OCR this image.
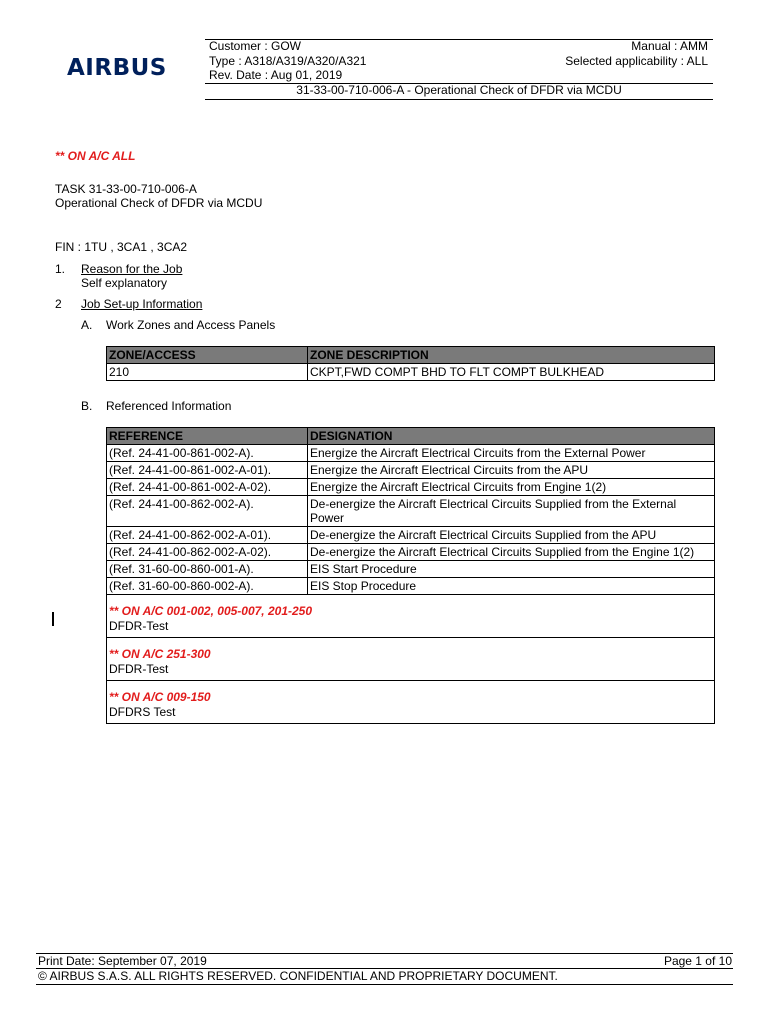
AIRBUS
Customer : GOW	Manual : AMM
Type : A318/A319/A320/A321	Selected applicability : ALL
Rev. Date : Aug 01, 2019
31-33-00-710-006-A - Operational Check of DFDR via MCDU
** ON A/C ALL
TASK 31-33-00-710-006-A
Operational Check of DFDR via MCDU
FIN : 1TU , 3CA1 , 3CA2
1. Reason for the Job
Self explanatory
2 Job Set-up Information
A. Work Zones and Access Panels
ZONE/ACCESS	ZONE DESCRIPTION
210	CKPT,FWD COMPT BHD TO FLT COMPT BULKHEAD
B. Referenced Information
REFERENCE	DESIGNATION
(Ref. 24-41-00-861-002-A).	Energize the Aircraft Electrical Circuits from the External Power
(Ref. 24-41-00-861-002-A-01).	Energize the Aircraft Electrical Circuits from the APU
(Ref. 24-41-00-861-002-A-02).	Energize the Aircraft Electrical Circuits from Engine 1(2)
(Ref. 24-41-00-862-002-A).	De-energize the Aircraft Electrical Circuits Supplied from the External Power
(Ref. 24-41-00-862-002-A-01).	De-energize the Aircraft Electrical Circuits Supplied from the APU
(Ref. 24-41-00-862-002-A-02).	De-energize the Aircraft Electrical Circuits Supplied from the Engine 1(2)
(Ref. 31-60-00-860-001-A).	EIS Start Procedure
(Ref. 31-60-00-860-002-A).	EIS Stop Procedure
** ON A/C 001-002, 005-007, 201-250
DFDR-Test
** ON A/C 251-300
DFDR-Test
** ON A/C 009-150
DFDRS Test
Print Date: September 07, 2019	Page 1 of 10
© AIRBUS S.A.S. ALL RIGHTS RESERVED. CONFIDENTIAL AND PROPRIETARY DOCUMENT.
